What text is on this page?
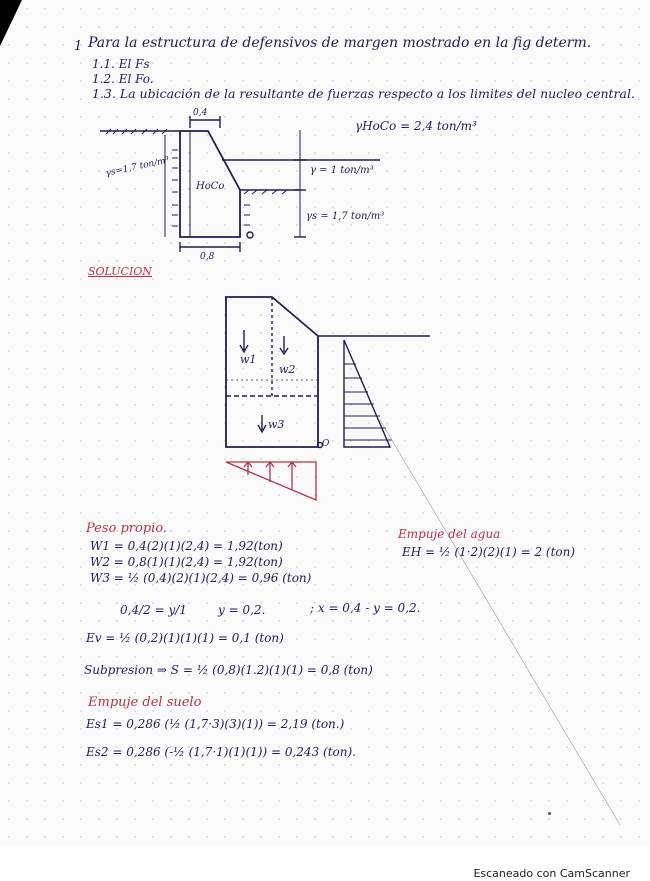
1 Para la estructura de defensivos de margen mostrado en la fig determ.
1.1. El Fs
1.2. El Fo.
1.3. La ubicación de la resultante de fuerzas respecto a los limites del nucleo central.
0,4
γHoCo = 2,4 ton/m³
γs=1,7 ton/m³
HoCo
γ = 1 ton/m³
γs = 1,7 ton/m³
0,8
SOLUCION
w1
w2
w3
O
Peso propio.
W1 = 0,4(2)(1)(2,4) = 1,92(ton)
W2 = 0,8(1)(1)(2,4) = 1,92(ton)
W3 = ½ (0,4)(2)(1)(2,4) = 0,96 (ton)
0,4/2 = y/1	y = 0,2.	; x = 0,4 - y = 0,2.
Ev = ½ (0,2)(1)(1)(1) = 0,1 (ton)
Subpresion ⇒ S = ½ (0,8)(1.2)(1)(1) = 0,8 (ton)
Empuje del agua
EH = ½ (1·2)(2)(1) = 2 (ton)
Empuje del suelo
Es1 = 0,286 (½ (1,7·3)(3)(1)) = 2,19 (ton.)
Es2 = 0,286 (-½ (1,7·1)(1)(1)) = 0,243 (ton).
Escaneado con CamScanner
